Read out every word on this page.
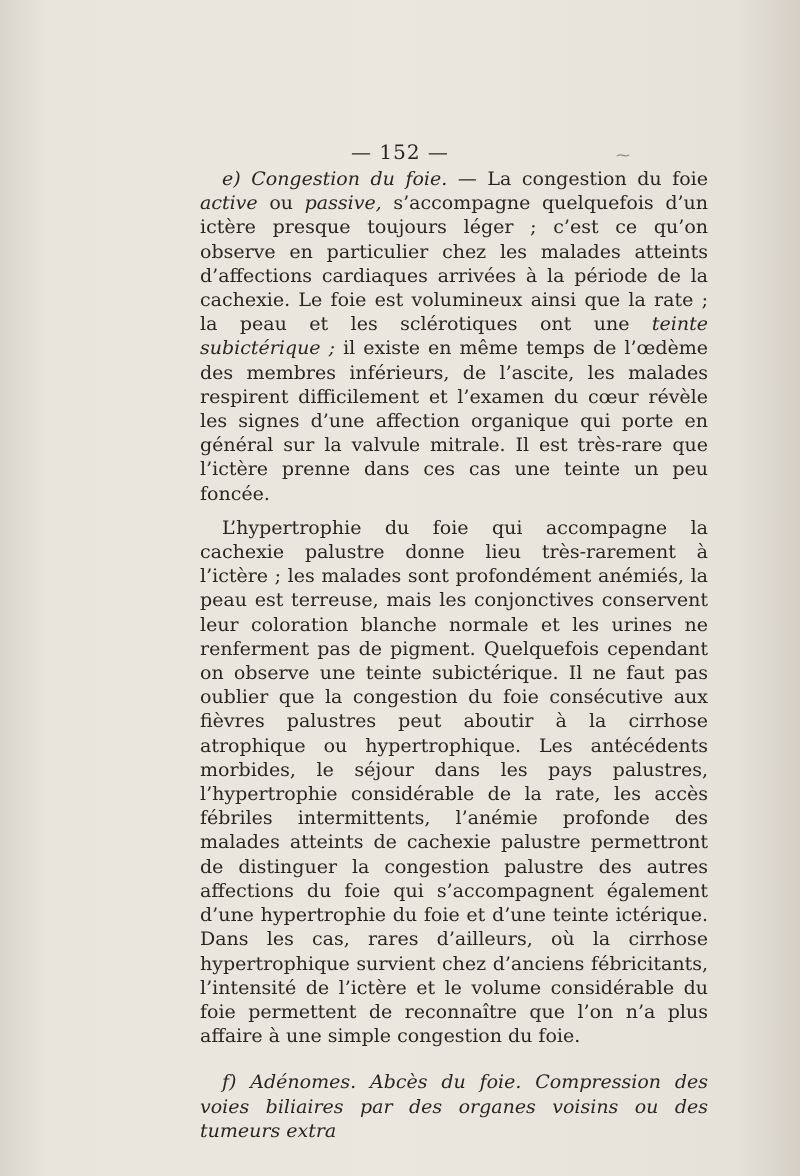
— 152 —	⁓

e) Congestion du foie. — La congestion du foie active ou passive, s’accompagne quelquefois d’un ictère presque toujours léger ; c’est ce qu’on observe en particulier chez les malades atteints d’affections cardiaques arrivées à la période de la cachexie. Le foie est volumineux ainsi que la rate ; la peau et les sclérotiques ont une teinte subictérique ; il existe en même temps de l’œdème des membres inférieurs, de l’ascite, les malades respirent difficilement et l’examen du cœur révèle les signes d’une affection organique qui porte en général sur la valvule mitrale. Il est très-rare que l’ictère prenne dans ces cas une teinte un peu foncée.

L’hypertrophie du foie qui accompagne la cachexie palustre donne lieu très-rarement à l’ictère ; les malades sont profondément anémiés, la peau est terreuse, mais les conjonctives conservent leur coloration blanche normale et les urines ne renferment pas de pigment. Quelquefois cependant on observe une teinte subictérique. Il ne faut pas oublier que la congestion du foie consécutive aux fièvres palustres peut aboutir à la cirrhose atrophique ou hypertrophique. Les antécédents morbides, le séjour dans les pays palustres, l’hypertrophie considérable de la rate, les accès fébriles intermittents, l’anémie profonde des malades atteints de cachexie palustre permettront de distinguer la congestion palustre des autres affections du foie qui s’accompagnent également d’une hypertrophie du foie et d’une teinte ictérique. Dans les cas, rares d’ailleurs, où la cirrhose hypertrophique survient chez d’anciens fébricitants, l’intensité de l’ictère et le volume considérable du foie permettent de reconnaître que l’on n’a plus affaire à une simple congestion du foie.

f) Adénomes. Abcès du foie. Compression des voies biliaires par des organes voisins ou des tumeurs extra
